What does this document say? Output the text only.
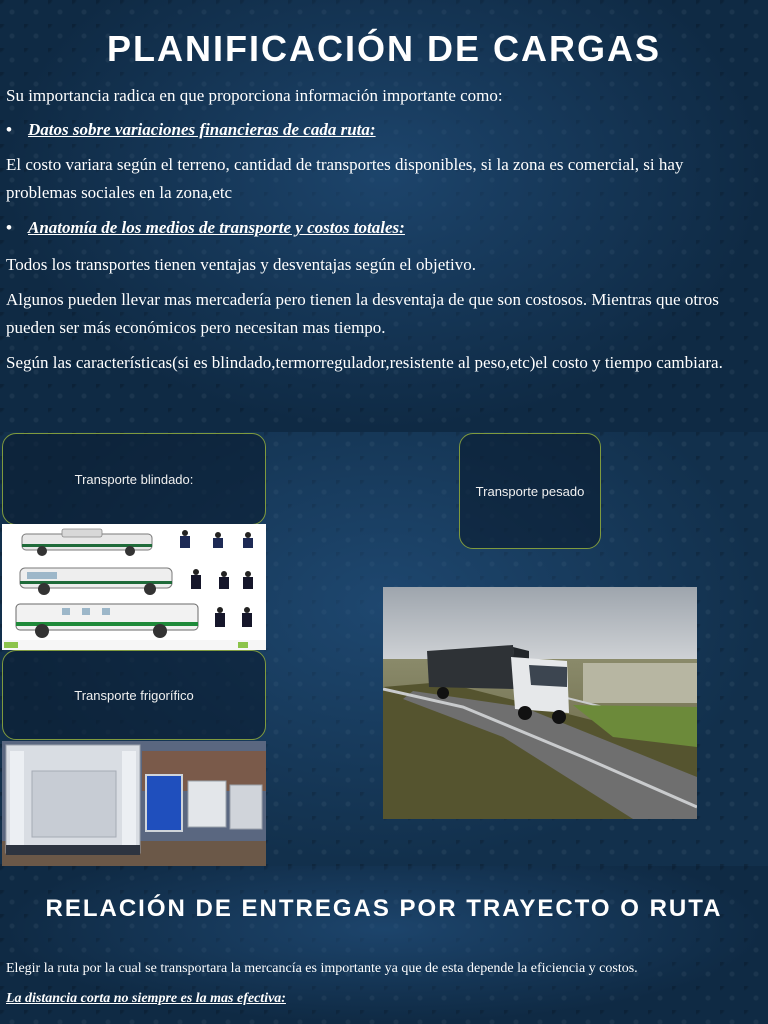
PLANIFICACIÓN DE CARGAS

Su importancia radica en que proporciona información importante como:

• Datos sobre variaciones financieras de cada ruta:

El costo variara según el terreno, cantidad de transportes disponibles, si la zona es comercial, si hay problemas sociales en la zona,etc

• Anatomía de los medios de transporte y costos totales:

Todos los transportes tienen ventajas y desventajas según el objetivo.

Algunos pueden llevar mas mercadería pero tienen la desventaja de que son costosos. Mientras que otros pueden ser más económicos pero necesitan mas tiempo.

Según las características(si es blindado,termorregulador,resistente al peso,etc)el costo y tiempo cambiara.

Transporte blindado:
Transporte pesado
Transporte frigorífico
RELACIÓN DE ENTREGAS POR TRAYECTO O RUTA

Elegir la ruta por la cual se transportara la mercancía es importante ya que de esta depende la eficiencia y costos.

La distancia corta no siempre es la mas efectiva:
